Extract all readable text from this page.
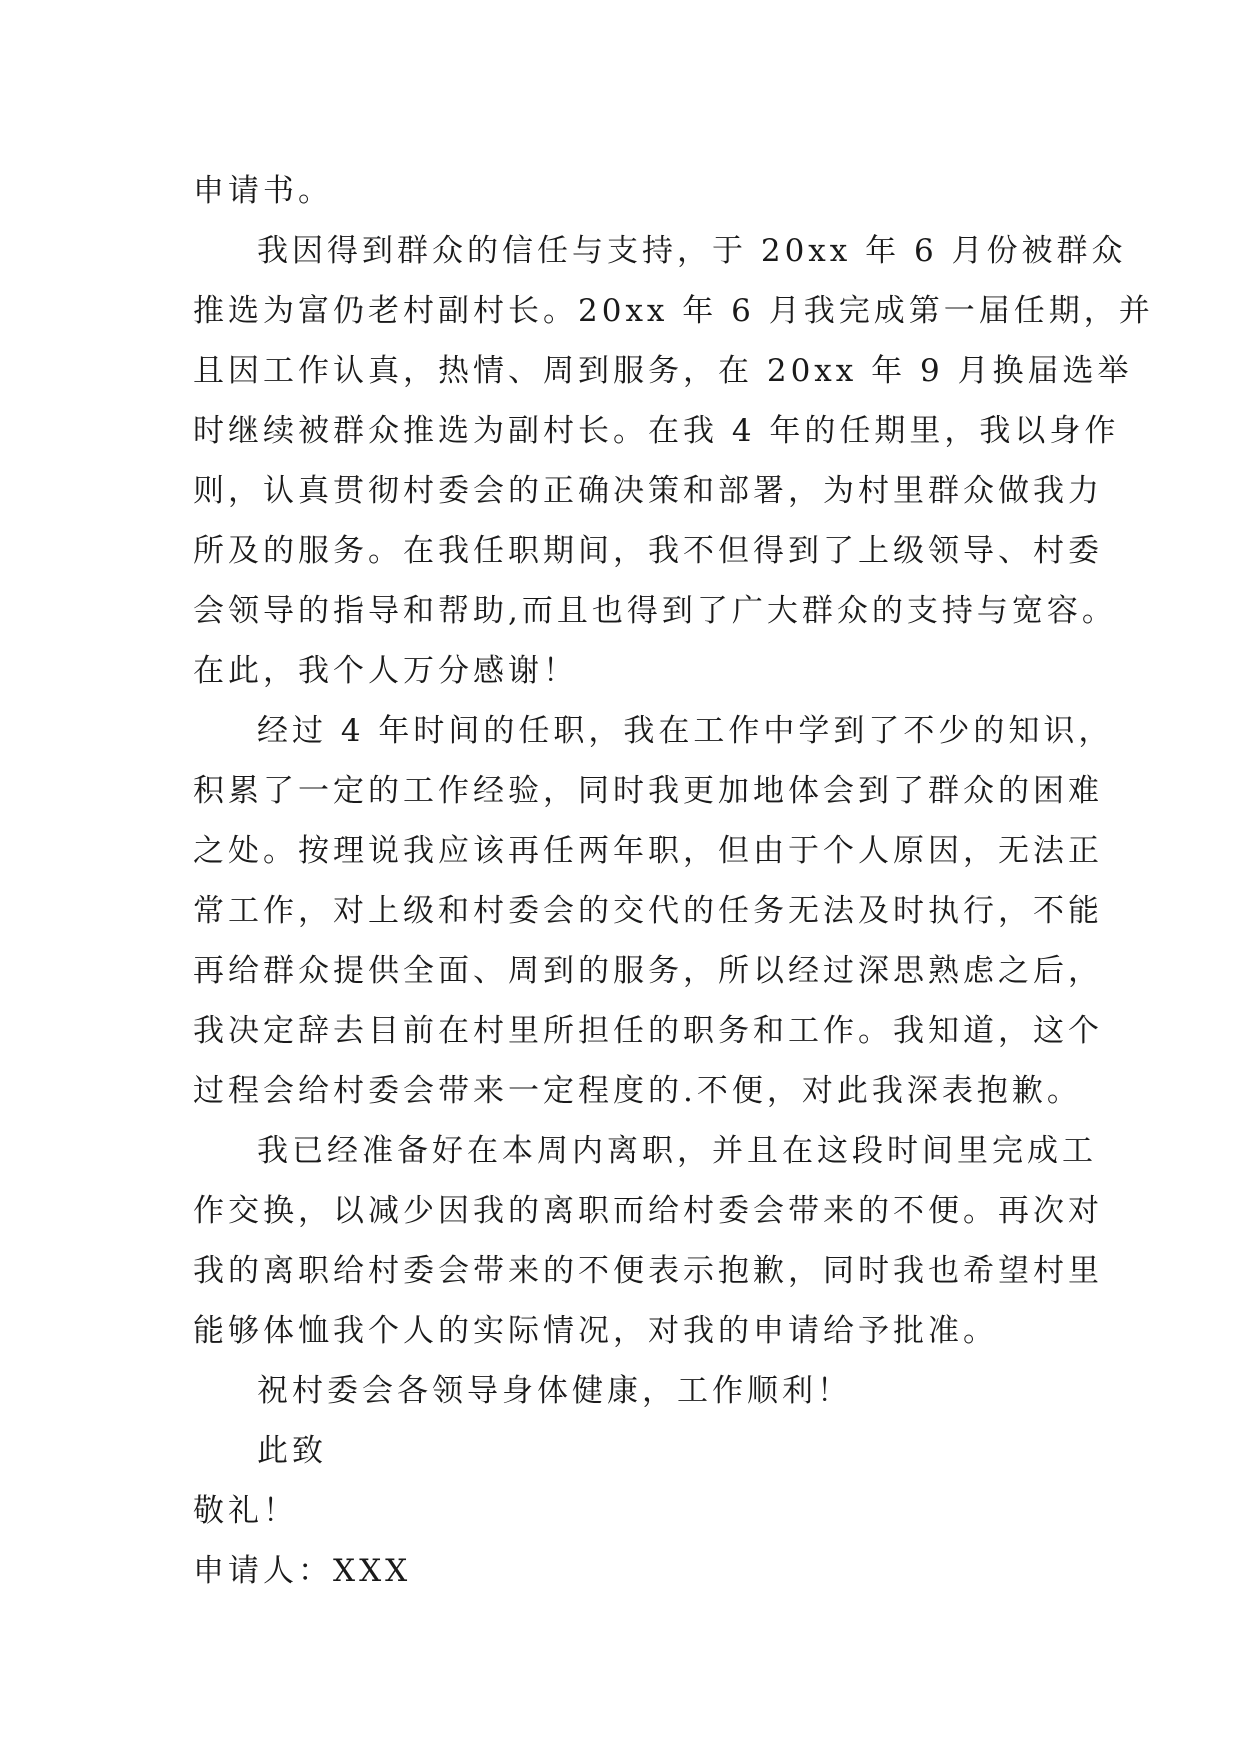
申请书。
我因得到群众的信任与支持，于 20xx 年 6 月份被群众
推选为富仍老村副村长。20xx 年 6 月我完成第一届任期，并
且因工作认真，热情、周到服务，在 20xx 年 9 月换届选举
时继续被群众推选为副村长。在我 4 年的任期里，我以身作
则，认真贯彻村委会的正确决策和部署，为村里群众做我力
所及的服务。在我任职期间，我不但得到了上级领导、村委
会领导的指导和帮助,而且也得到了广大群众的支持与宽容。
在此，我个人万分感谢！
经过 4 年时间的任职，我在工作中学到了不少的知识，
积累了一定的工作经验，同时我更加地体会到了群众的困难
之处。按理说我应该再任两年职，但由于个人原因，无法正
常工作，对上级和村委会的交代的任务无法及时执行，不能
再给群众提供全面、周到的服务，所以经过深思熟虑之后，
我决定辞去目前在村里所担任的职务和工作。我知道，这个
过程会给村委会带来一定程度的.不便，对此我深表抱歉。
我已经准备好在本周内离职，并且在这段时间里完成工
作交换，以减少因我的离职而给村委会带来的不便。再次对
我的离职给村委会带来的不便表示抱歉，同时我也希望村里
能够体恤我个人的实际情况，对我的申请给予批准。
祝村委会各领导身体健康，工作顺利！
此致
敬礼！
申请人：XXX
